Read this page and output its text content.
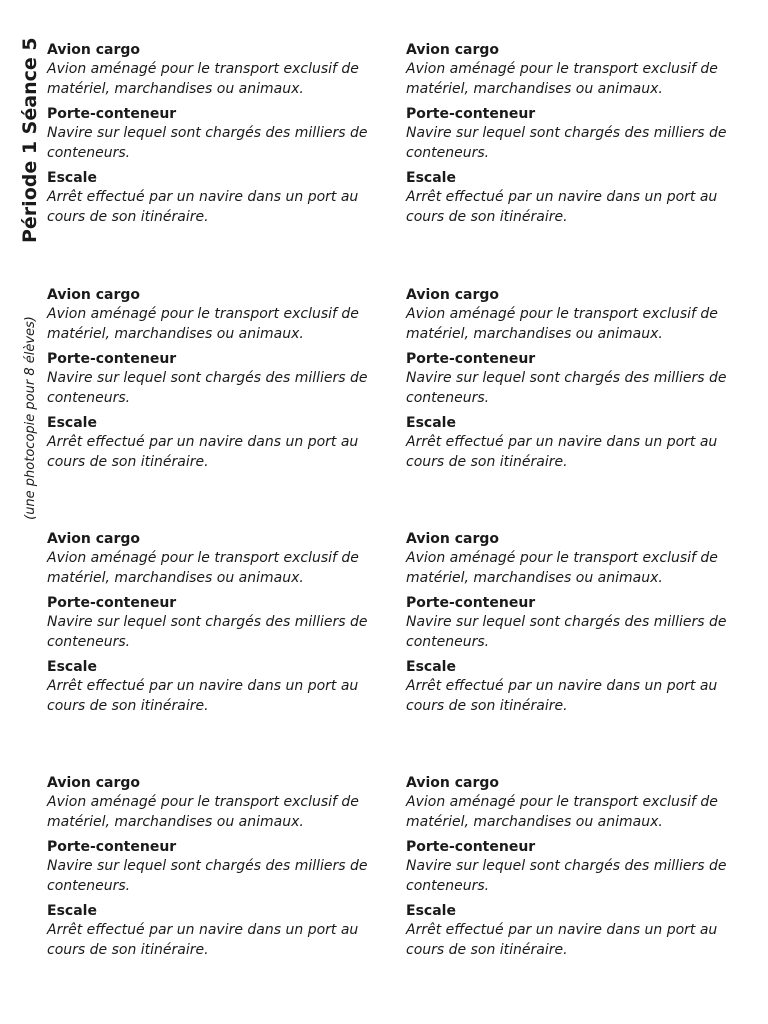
Période 1 Séance 5
(une photocopie pour 8 élèves)
Avion cargo
Avion aménagé pour le transport exclusif de matériel, marchandises ou animaux.
Porte-conteneur
Navire sur lequel sont chargés des milliers de conteneurs.
Escale
Arrêt effectué par un navire dans un port au cours de son itinéraire.
Avion cargo
Avion aménagé pour le transport exclusif de matériel, marchandises ou animaux.
Porte-conteneur
Navire sur lequel sont chargés des milliers de conteneurs.
Escale
Arrêt effectué par un navire dans un port au cours de son itinéraire.
Avion cargo
Avion aménagé pour le transport exclusif de matériel, marchandises ou animaux.
Porte-conteneur
Navire sur lequel sont chargés des milliers de conteneurs.
Escale
Arrêt effectué par un navire dans un port au cours de son itinéraire.
Avion cargo
Avion aménagé pour le transport exclusif de matériel, marchandises ou animaux.
Porte-conteneur
Navire sur lequel sont chargés des milliers de conteneurs.
Escale
Arrêt effectué par un navire dans un port au cours de son itinéraire.
Avion cargo
Avion aménagé pour le transport exclusif de matériel, marchandises ou animaux.
Porte-conteneur
Navire sur lequel sont chargés des milliers de conteneurs.
Escale
Arrêt effectué par un navire dans un port au cours de son itinéraire.
Avion cargo
Avion aménagé pour le transport exclusif de matériel, marchandises ou animaux.
Porte-conteneur
Navire sur lequel sont chargés des milliers de conteneurs.
Escale
Arrêt effectué par un navire dans un port au cours de son itinéraire.
Avion cargo
Avion aménagé pour le transport exclusif de matériel, marchandises ou animaux.
Porte-conteneur
Navire sur lequel sont chargés des milliers de conteneurs.
Escale
Arrêt effectué par un navire dans un port au cours de son itinéraire.
Avion cargo
Avion aménagé pour le transport exclusif de matériel, marchandises ou animaux.
Porte-conteneur
Navire sur lequel sont chargés des milliers de conteneurs.
Escale
Arrêt effectué par un navire dans un port au cours de son itinéraire.
